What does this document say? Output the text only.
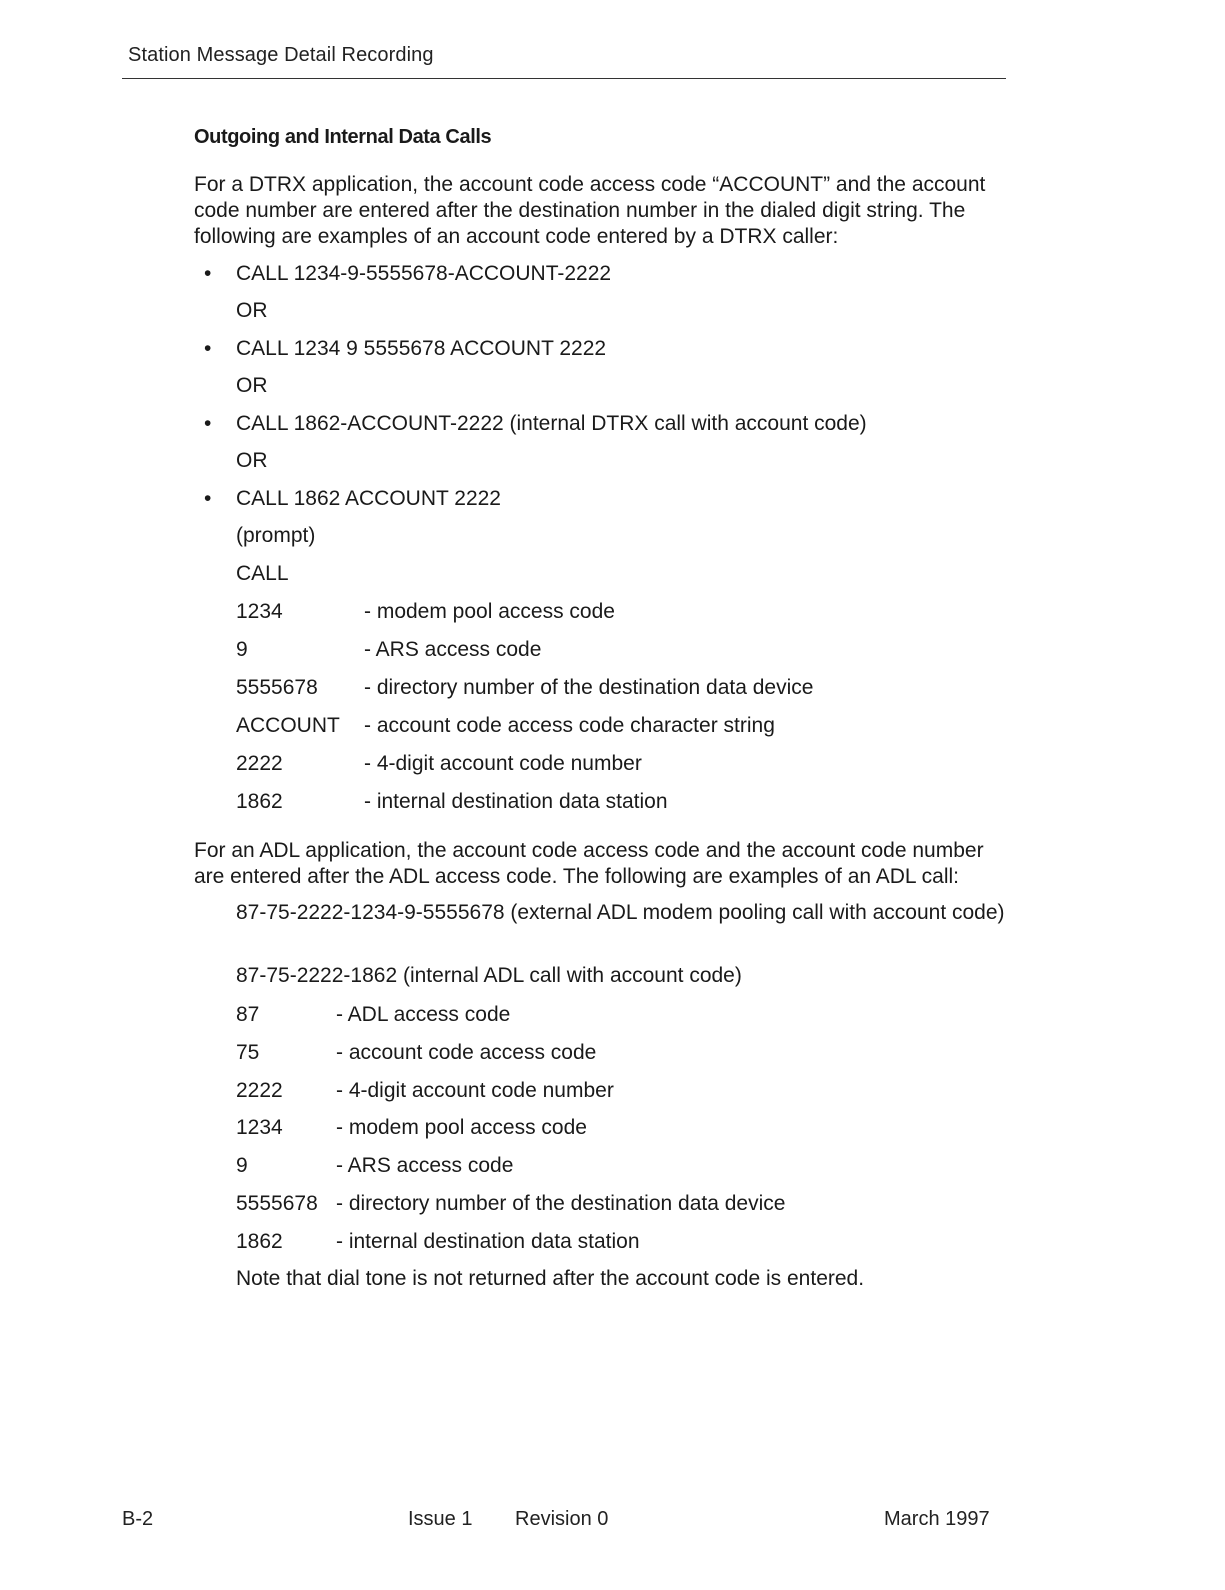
Station Message Detail Recording
Outgoing and Internal Data Calls
For a DTRX application, the account code access code “ACCOUNT” and the account code number are entered after the destination number in the dialed digit string. The following are examples of an account code entered by a DTRX caller:
• CALL 1234-9-5555678-ACCOUNT-2222
OR
• CALL 1234 9 5555678 ACCOUNT 2222
OR
• CALL 1862-ACCOUNT-2222 (internal DTRX call with account code)
OR
• CALL 1862 ACCOUNT 2222
(prompt)
CALL
1234	- modem pool access code
9	- ARS access code
5555678 - directory number of the destination data device
ACCOUNT - account code access code character string
2222	- 4-digit account code number
1862	- internal destination data station
For an ADL application, the account code access code and the account code number are entered after the ADL access code. The following are examples of an ADL call:
87-75-2222-1234-9-5555678 (external ADL modem pooling call with account code)
87-75-2222-1862 (internal ADL call with account code)
87	- ADL access code
75	- account code access code
2222	- 4-digit account code number
1234	- modem pool access code
9	- ARS access code
5555678 - directory number of the destination data device
1862	- internal destination data station
Note that dial tone is not returned after the account code is entered.
B-2	Issue 1 Revision 0	March 1997
